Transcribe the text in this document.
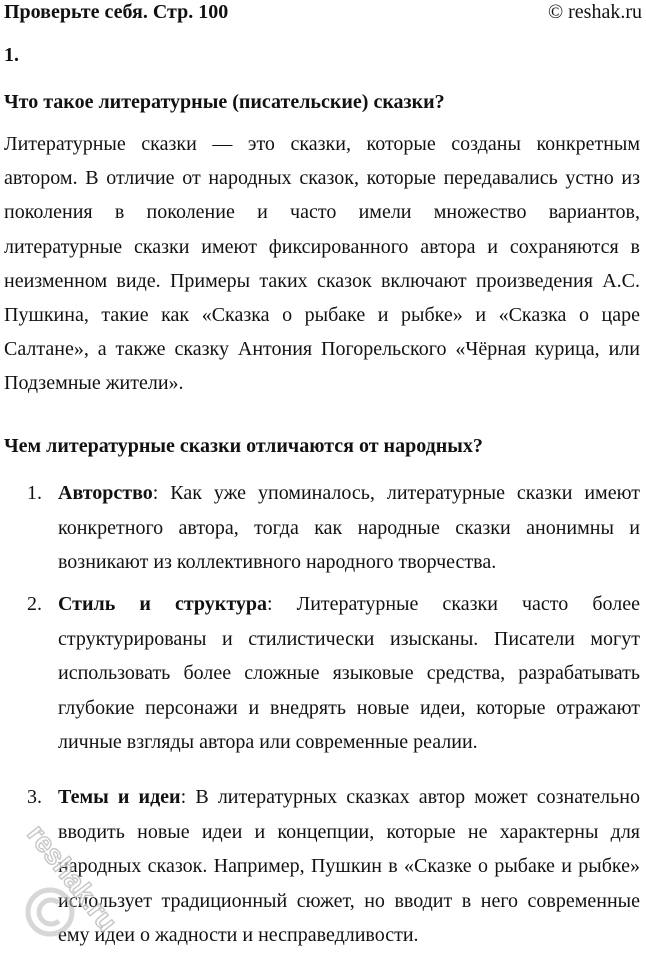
Проверьте себя. Стр. 100	© reshak.ru
1.
Что такое литературные (писательские) сказки?
Литературные сказки — это сказки, которые созданы конкретным автором. В отличие от народных сказок, которые передавались устно из поколения в поколение и часто имели множество вариантов, литературные сказки имеют фиксированного автора и сохраняются в неизменном виде. Примеры таких сказок включают произведения А.С. Пушкина, такие как «Сказка о рыбаке и рыбке» и «Сказка о царе Салтане», а также сказку Антония Погорельского «Чёрная курица, или Подземные жители».
Чем литературные сказки отличаются от народных?
1. Авторство: Как уже упоминалось, литературные сказки имеют конкретного автора, тогда как народные сказки анонимны и возникают из коллективного народного творчества.
2. Стиль и структура: Литературные сказки часто более структурированы и стилистически изысканы. Писатели могут использовать более сложные языковые средства, разрабатывать глубокие персонажи и внедрять новые идеи, которые отражают личные взгляды автора или современные реалии.
3. Темы и идеи: В литературных сказках автор может сознательно вводить новые идеи и концепции, которые не характерны для народных сказок. Например, Пушкин в «Сказке о рыбаке и рыбке» использует традиционный сюжет, но вводит в него современные ему идеи о жадности и несправедливости.
reshak.ru
